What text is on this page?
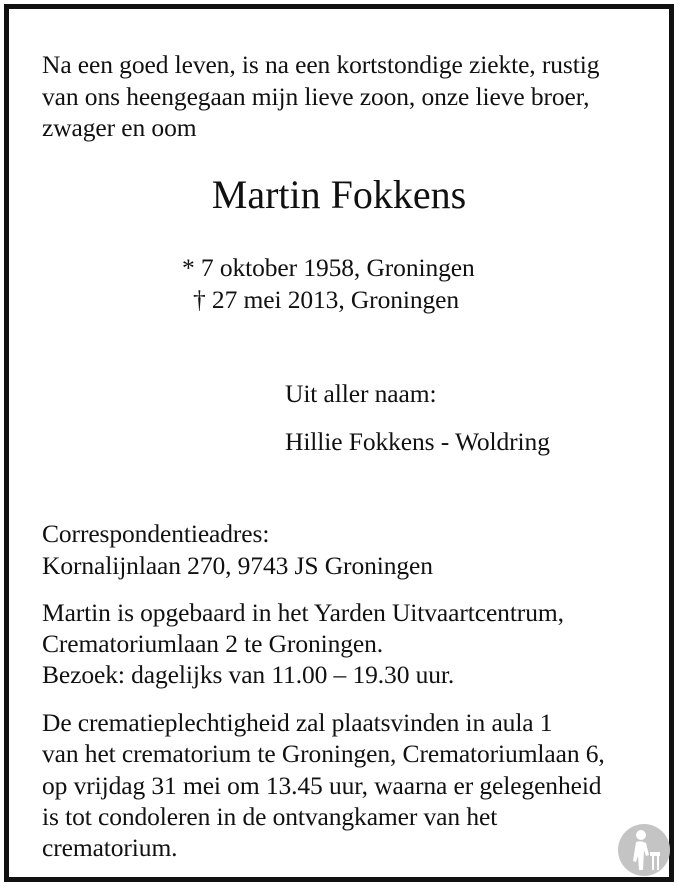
Na een goed leven, is na een kortstondige ziekte, rustig
van ons heengegaan mijn lieve zoon, onze lieve broer,
zwager en oom
Martin Fokkens
* 7 oktober 1958, Groningen
† 27 mei 2013, Groningen
Uit aller naam:
Hillie Fokkens - Woldring
Correspondentieadres:
Kornalijnlaan 270, 9743 JS Groningen
Martin is opgebaard in het Yarden Uitvaartcentrum,
Crematoriumlaan 2 te Groningen.
Bezoek: dagelijks van 11.00 – 19.30 uur.
De crematieplechtigheid zal plaatsvinden in aula 1
van het crematorium te Groningen, Crematoriumlaan 6,
op vrijdag 31 mei om 13.45 uur, waarna er gelegenheid
is tot condoleren in de ontvangkamer van het
crematorium.
